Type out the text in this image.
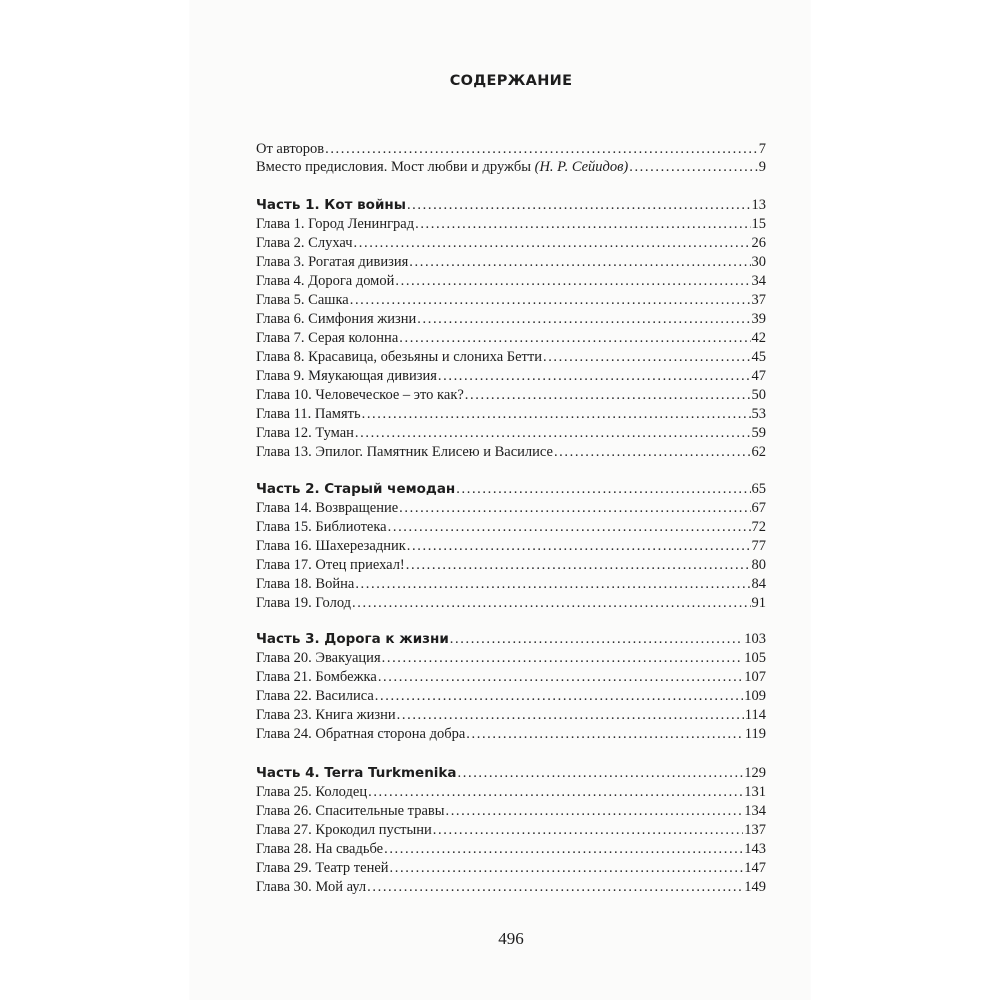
СОДЕРЖАНИЕ
От авторов .....	7
Вместо предисловия. Мост любви и дружбы (Н. Р. Сейидов) .....	9
Часть 1. Кот войны .....	13
Глава 1. Город Ленинград .....	15
Глава 2. Слухач .....	26
Глава 3. Рогатая дивизия .....	30
Глава 4. Дорога домой .....	34
Глава 5. Сашка .....	37
Глава 6. Симфония жизни .....	39
Глава 7. Серая колонна .....	42
Глава 8. Красавица, обезьяны и слониха Бетти .....	45
Глава 9. Мяукающая дивизия .....	47
Глава 10. Человеческое – это как? .....	50
Глава 11. Память .....	53
Глава 12. Туман .....	59
Глава 13. Эпилог. Памятник Елисею и Василисе .....	62
Часть 2. Старый чемодан .....	65
Глава 14. Возвращение .....	67
Глава 15. Библиотека .....	72
Глава 16. Шахерезадник .....	77
Глава 17. Отец приехал! .....	80
Глава 18. Война .....	84
Глава 19. Голод .....	91
Часть 3. Дорога к жизни .....	103
Глава 20. Эвакуация .....	105
Глава 21. Бомбежка .....	107
Глава 22. Василиса .....	109
Глава 23. Книга жизни .....	114
Глава 24. Обратная сторона добра .....	119
Часть 4. Terra Turkmenika .....	129
Глава 25. Колодец .....	131
Глава 26. Спасительные травы .....	134
Глава 27. Крокодил пустыни .....	137
Глава 28. На свадьбе .....	143
Глава 29. Театр теней .....	147
Глава 30. Мой аул .....	149
496
